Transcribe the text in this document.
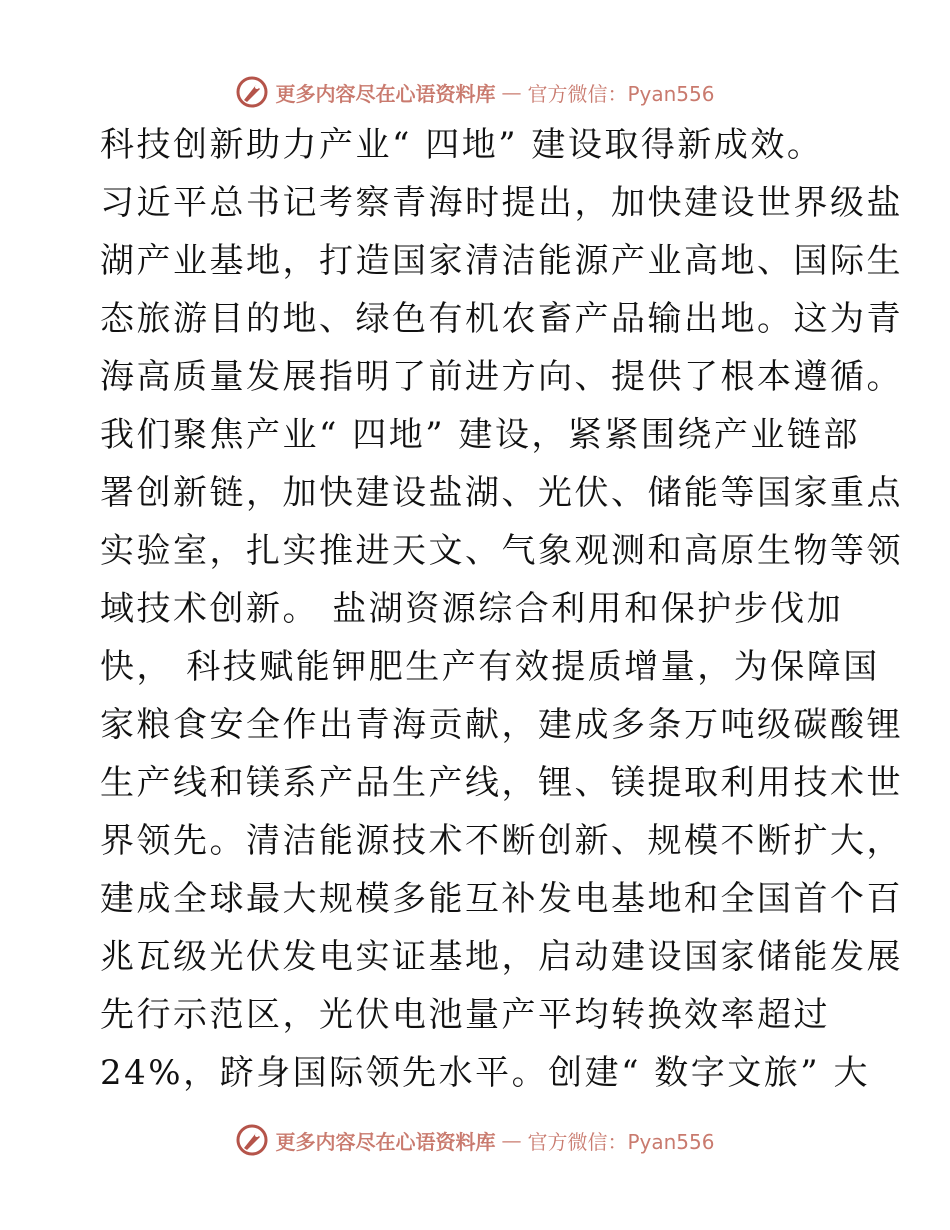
更多内容尽在心语资料库 — 官方微信：Pyan556
科技创新助力产业“ 四地” 建设取得新成效。
习近平总书记考察青海时提出，加快建设世界级盐
湖产业基地，打造国家清洁能源产业高地、国际生
态旅游目的地、绿色有机农畜产品输出地。这为青
海高质量发展指明了前进方向、提供了根本遵循。
我们聚焦产业“ 四地” 建设，紧紧围绕产业链部
署创新链，加快建设盐湖、光伏、储能等国家重点
实验室，扎实推进天文、气象观测和高原生物等领
域技术创新。 盐湖资源综合利用和保护步伐加
快， 科技赋能钾肥生产有效提质增量，为保障国
家粮食安全作出青海贡献，建成多条万吨级碳酸锂
生产线和镁系产品生产线，锂、镁提取利用技术世
界领先。清洁能源技术不断创新、规模不断扩大，
建成全球最大规模多能互补发电基地和全国首个百
兆瓦级光伏发电实证基地，启动建设国家储能发展
先行示范区，光伏电池量产平均转换效率超过
24%，跻身国际领先水平。创建“ 数字文旅” 大
更多内容尽在心语资料库 — 官方微信：Pyan556
